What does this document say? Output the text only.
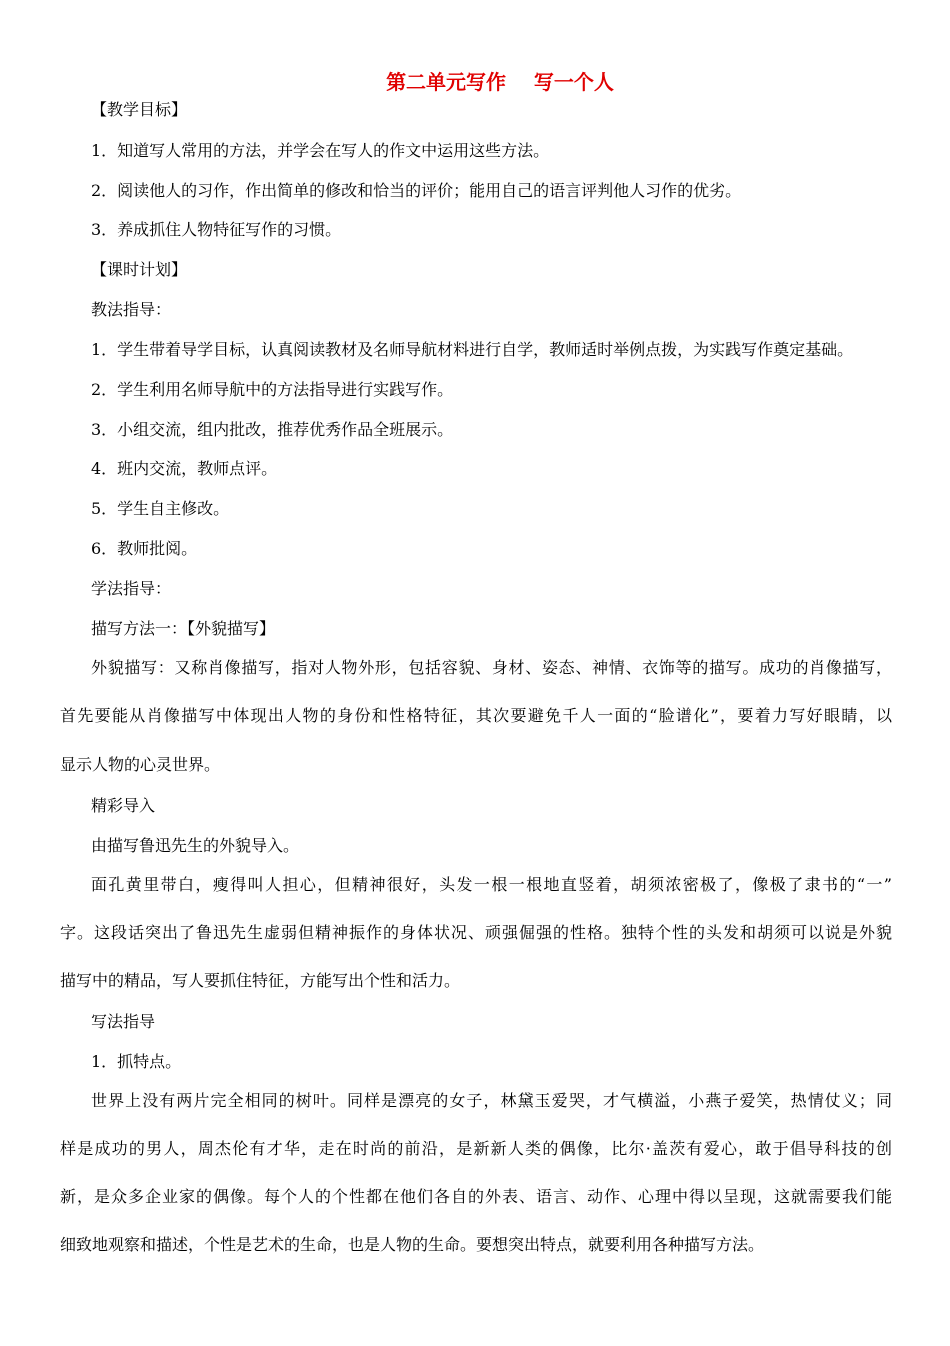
第二单元写作    写一个人
【教学目标】
1．知道写人常用的方法，并学会在写人的作文中运用这些方法。
2．阅读他人的习作，作出简单的修改和恰当的评价；能用自己的语言评判他人习作的优劣。
3．养成抓住人物特征写作的习惯。
【课时计划】
教法指导：
1．学生带着导学目标，认真阅读教材及名师导航材料进行自学，教师适时举例点拨，为实践写作奠定基础。
2．学生利用名师导航中的方法指导进行实践写作。
3．小组交流，组内批改，推荐优秀作品全班展示。
4．班内交流，教师点评。
5．学生自主修改。
6．教师批阅。
学法指导：
描写方法一：【外貌描写】
外貌描写：又称肖像描写，指对人物外形，包括容貌、身材、姿态、神情、衣饰等的描写。成功的肖像描写，
首先要能从肖像描写中体现出人物的身份和性格特征，其次要避免千人一面的“脸谱化”，要着力写好眼睛，以
显示人物的心灵世界。
精彩导入
由描写鲁迅先生的外貌导入。
面孔黄里带白，瘦得叫人担心，但精神很好，头发一根一根地直竖着，胡须浓密极了，像极了隶书的“一”
字。这段话突出了鲁迅先生虚弱但精神振作的身体状况、顽强倔强的性格。独特个性的头发和胡须可以说是外貌
描写中的精品，写人要抓住特征，方能写出个性和活力。
写法指导
1．抓特点。
世界上没有两片完全相同的树叶。同样是漂亮的女子，林黛玉爱哭，才气横溢，小燕子爱笑，热情仗义；同
样是成功的男人，周杰伦有才华，走在时尚的前沿，是新新人类的偶像，比尔·盖茨有爱心，敢于倡导科技的创
新，是众多企业家的偶像。每个人的个性都在他们各自的外表、语言、动作、心理中得以呈现，这就需要我们能
细致地观察和描述，个性是艺术的生命，也是人物的生命。要想突出特点，就要利用各种描写方法。
